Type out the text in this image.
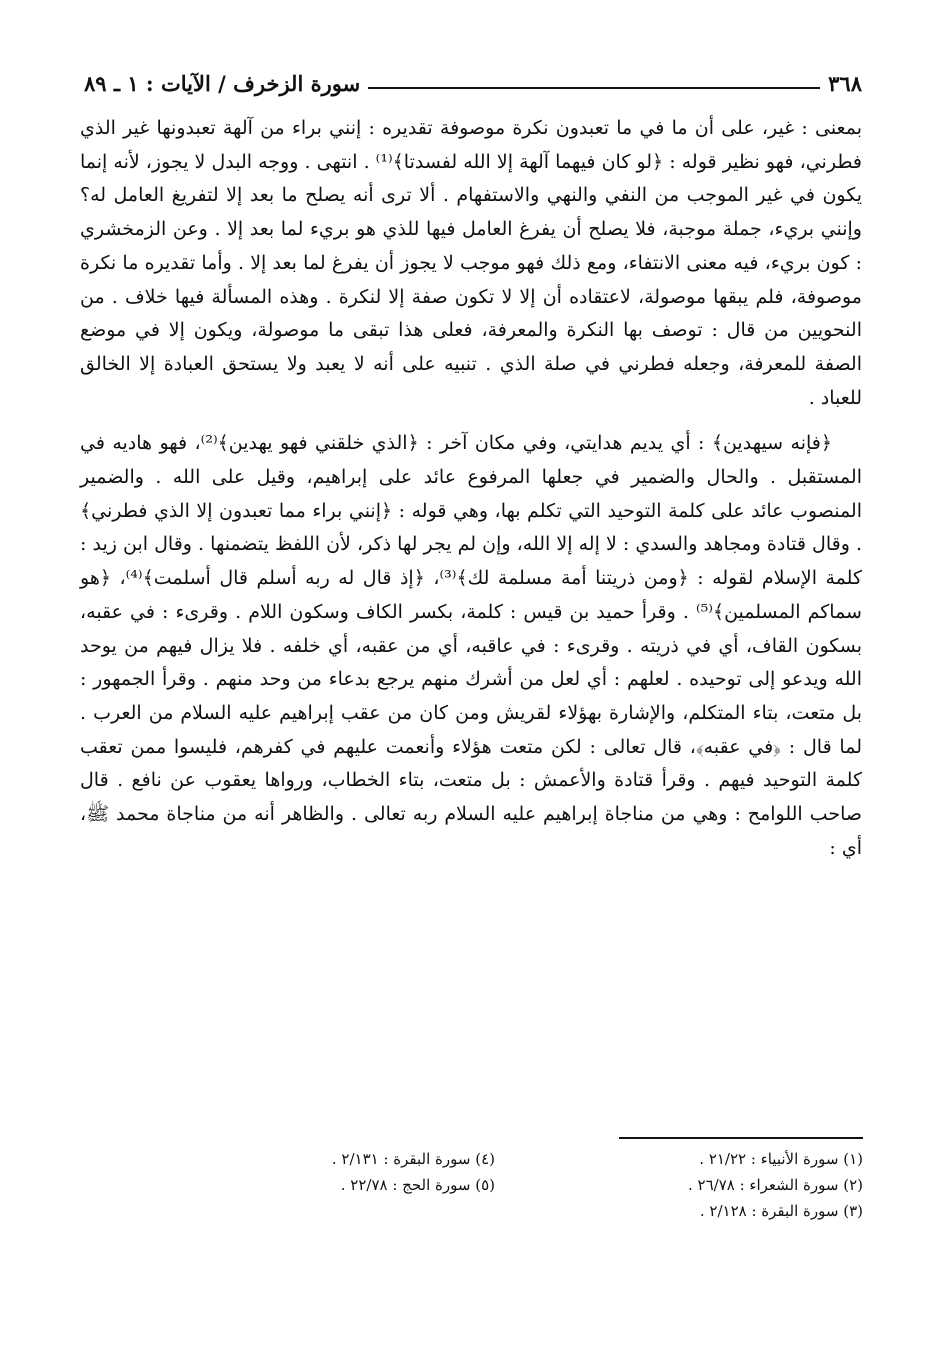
٣٦٨
سورة الزخرف / الآيات : ١ ـ ٨٩

بمعنى : غير، على أن ما في ما تعبدون نكرة موصوفة تقديره : إنني براء من آلهة تعبدونها غير الذي فطرني، فهو نظير قوله : ﴿لو كان فيهما آلهة إلا الله لفسدتا﴾⁽¹⁾ . انتهى . ووجه البدل لا يجوز، لأنه إنما يكون في غير الموجب من النفي والنهي والاستفهام . ألا ترى أنه يصلح ما بعد إلا لتفريغ العامل له؟ وإنني بريء، جملة موجبة، فلا يصلح أن يفرغ العامل فيها للذي هو بريء لما بعد إلا . وعن الزمخشري : كون بريء، فيه معنى الانتفاء، ومع ذلك فهو موجب لا يجوز أن يفرغ لما بعد إلا . وأما تقديره ما نكرة موصوفة، فلم يبقها موصولة، لاعتقاده أن إلا لا تكون صفة إلا لنكرة . وهذه المسألة فيها خلاف . من النحويين من قال : توصف بها النكرة والمعرفة، فعلى هذا تبقى ما موصولة، ويكون إلا في موضع الصفة للمعرفة، وجعله فطرني في صلة الذي . تنبيه على أنه لا يعبد ولا يستحق العبادة إلا الخالق للعباد .

﴿فإنه سيهدين﴾ : أي يديم هدايتي، وفي مكان آخر : ﴿الذي خلقني فهو يهدين﴾⁽²⁾، فهو هاديه في المستقبل . والحال والضمير في جعلها المرفوع عائد على إبراهيم، وقيل على الله . والضمير المنصوب عائد على كلمة التوحيد التي تكلم بها، وهي قوله : ﴿إنني براء مما تعبدون إلا الذي فطرني﴾ . وقال قتادة ومجاهد والسدي : لا إله إلا الله، وإن لم يجر لها ذكر، لأن اللفظ يتضمنها . وقال ابن زيد : كلمة الإسلام لقوله : ﴿ومن ذريتنا أمة مسلمة لك﴾⁽³⁾، ﴿إذ قال له ربه أسلم قال أسلمت﴾⁽⁴⁾، ﴿هو سماكم المسلمين﴾⁽⁵⁾ . وقرأ حميد بن قيس : كلمة، بكسر الكاف وسكون اللام . وقرىء : في عقبه، بسكون القاف، أي في ذريته . وقرىء : في عاقبه، أي من عقبه، أي خلفه . فلا يزال فيهم من يوحد الله ويدعو إلى توحيده . لعلهم : أي لعل من أشرك منهم يرجع بدعاء من وحد منهم . وقرأ الجمهور : بل متعت، بتاء المتكلم، والإشارة بهؤلاء لقريش ومن كان من عقب إبراهيم عليه السلام من العرب . لما قال : ﴿في عقبه﴾، قال تعالى : لكن متعت هؤلاء وأنعمت عليهم في كفرهم، فليسوا ممن تعقب كلمة التوحيد فيهم . وقرأ قتادة والأعمش : بل متعت، بتاء الخطاب، ورواها يعقوب عن نافع . قال صاحب اللوامح : وهي من مناجاة إبراهيم عليه السلام ربه تعالى . والظاهر أنه من مناجاة محمد ﷺ، أي :

(١) سورة الأنبياء : ٢١/٢٢ .
(٢) سورة الشعراء : ٢٦/٧٨ .
(٣) سورة البقرة : ٢/١٢٨ .
(٤) سورة البقرة : ٢/١٣١ .
(٥) سورة الحج : ٢٢/٧٨ .
